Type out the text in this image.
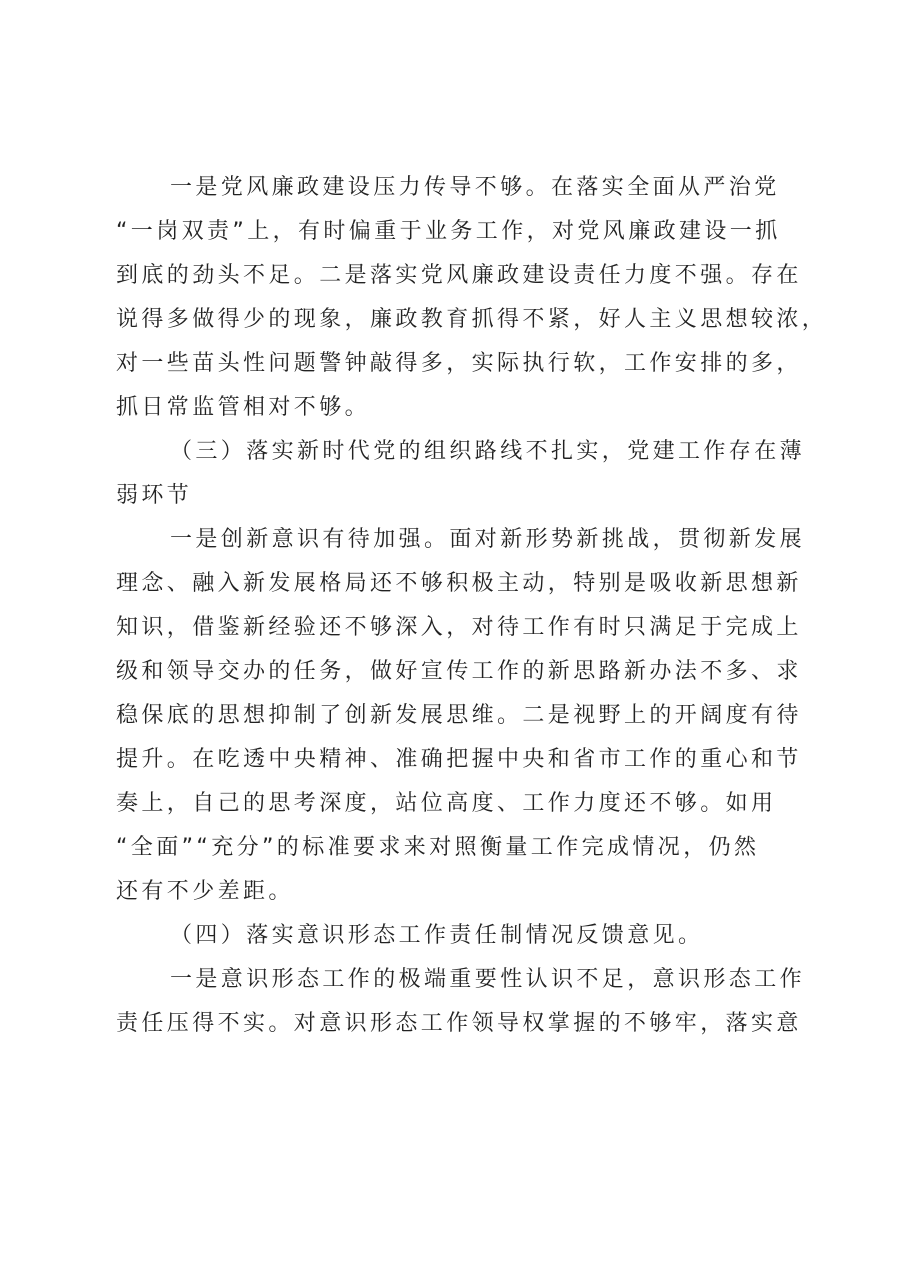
一是党风廉政建设压力传导不够。在落实全面从严治党
“一岗双责”上，有时偏重于业务工作，对党风廉政建设一抓
到底的劲头不足。二是落实党风廉政建设责任力度不强。存在
说得多做得少的现象，廉政教育抓得不紧，好人主义思想较浓，
对一些苗头性问题警钟敲得多，实际执行软，工作安排的多，
抓日常监管相对不够。
（三）落实新时代党的组织路线不扎实，党建工作存在薄
弱环节
一是创新意识有待加强。面对新形势新挑战，贯彻新发展
理念、融入新发展格局还不够积极主动，特别是吸收新思想新
知识，借鉴新经验还不够深入，对待工作有时只满足于完成上
级和领导交办的任务，做好宣传工作的新思路新办法不多、求
稳保底的思想抑制了创新发展思维。二是视野上的开阔度有待
提升。在吃透中央精神、准确把握中央和省市工作的重心和节
奏上，自己的思考深度，站位高度、工作力度还不够。如用
“全面”“充分”的标准要求来对照衡量工作完成情况，仍然
还有不少差距。
（四）落实意识形态工作责任制情况反馈意见。
一是意识形态工作的极端重要性认识不足，意识形态工作
责任压得不实。对意识形态工作领导权掌握的不够牢，落实意
